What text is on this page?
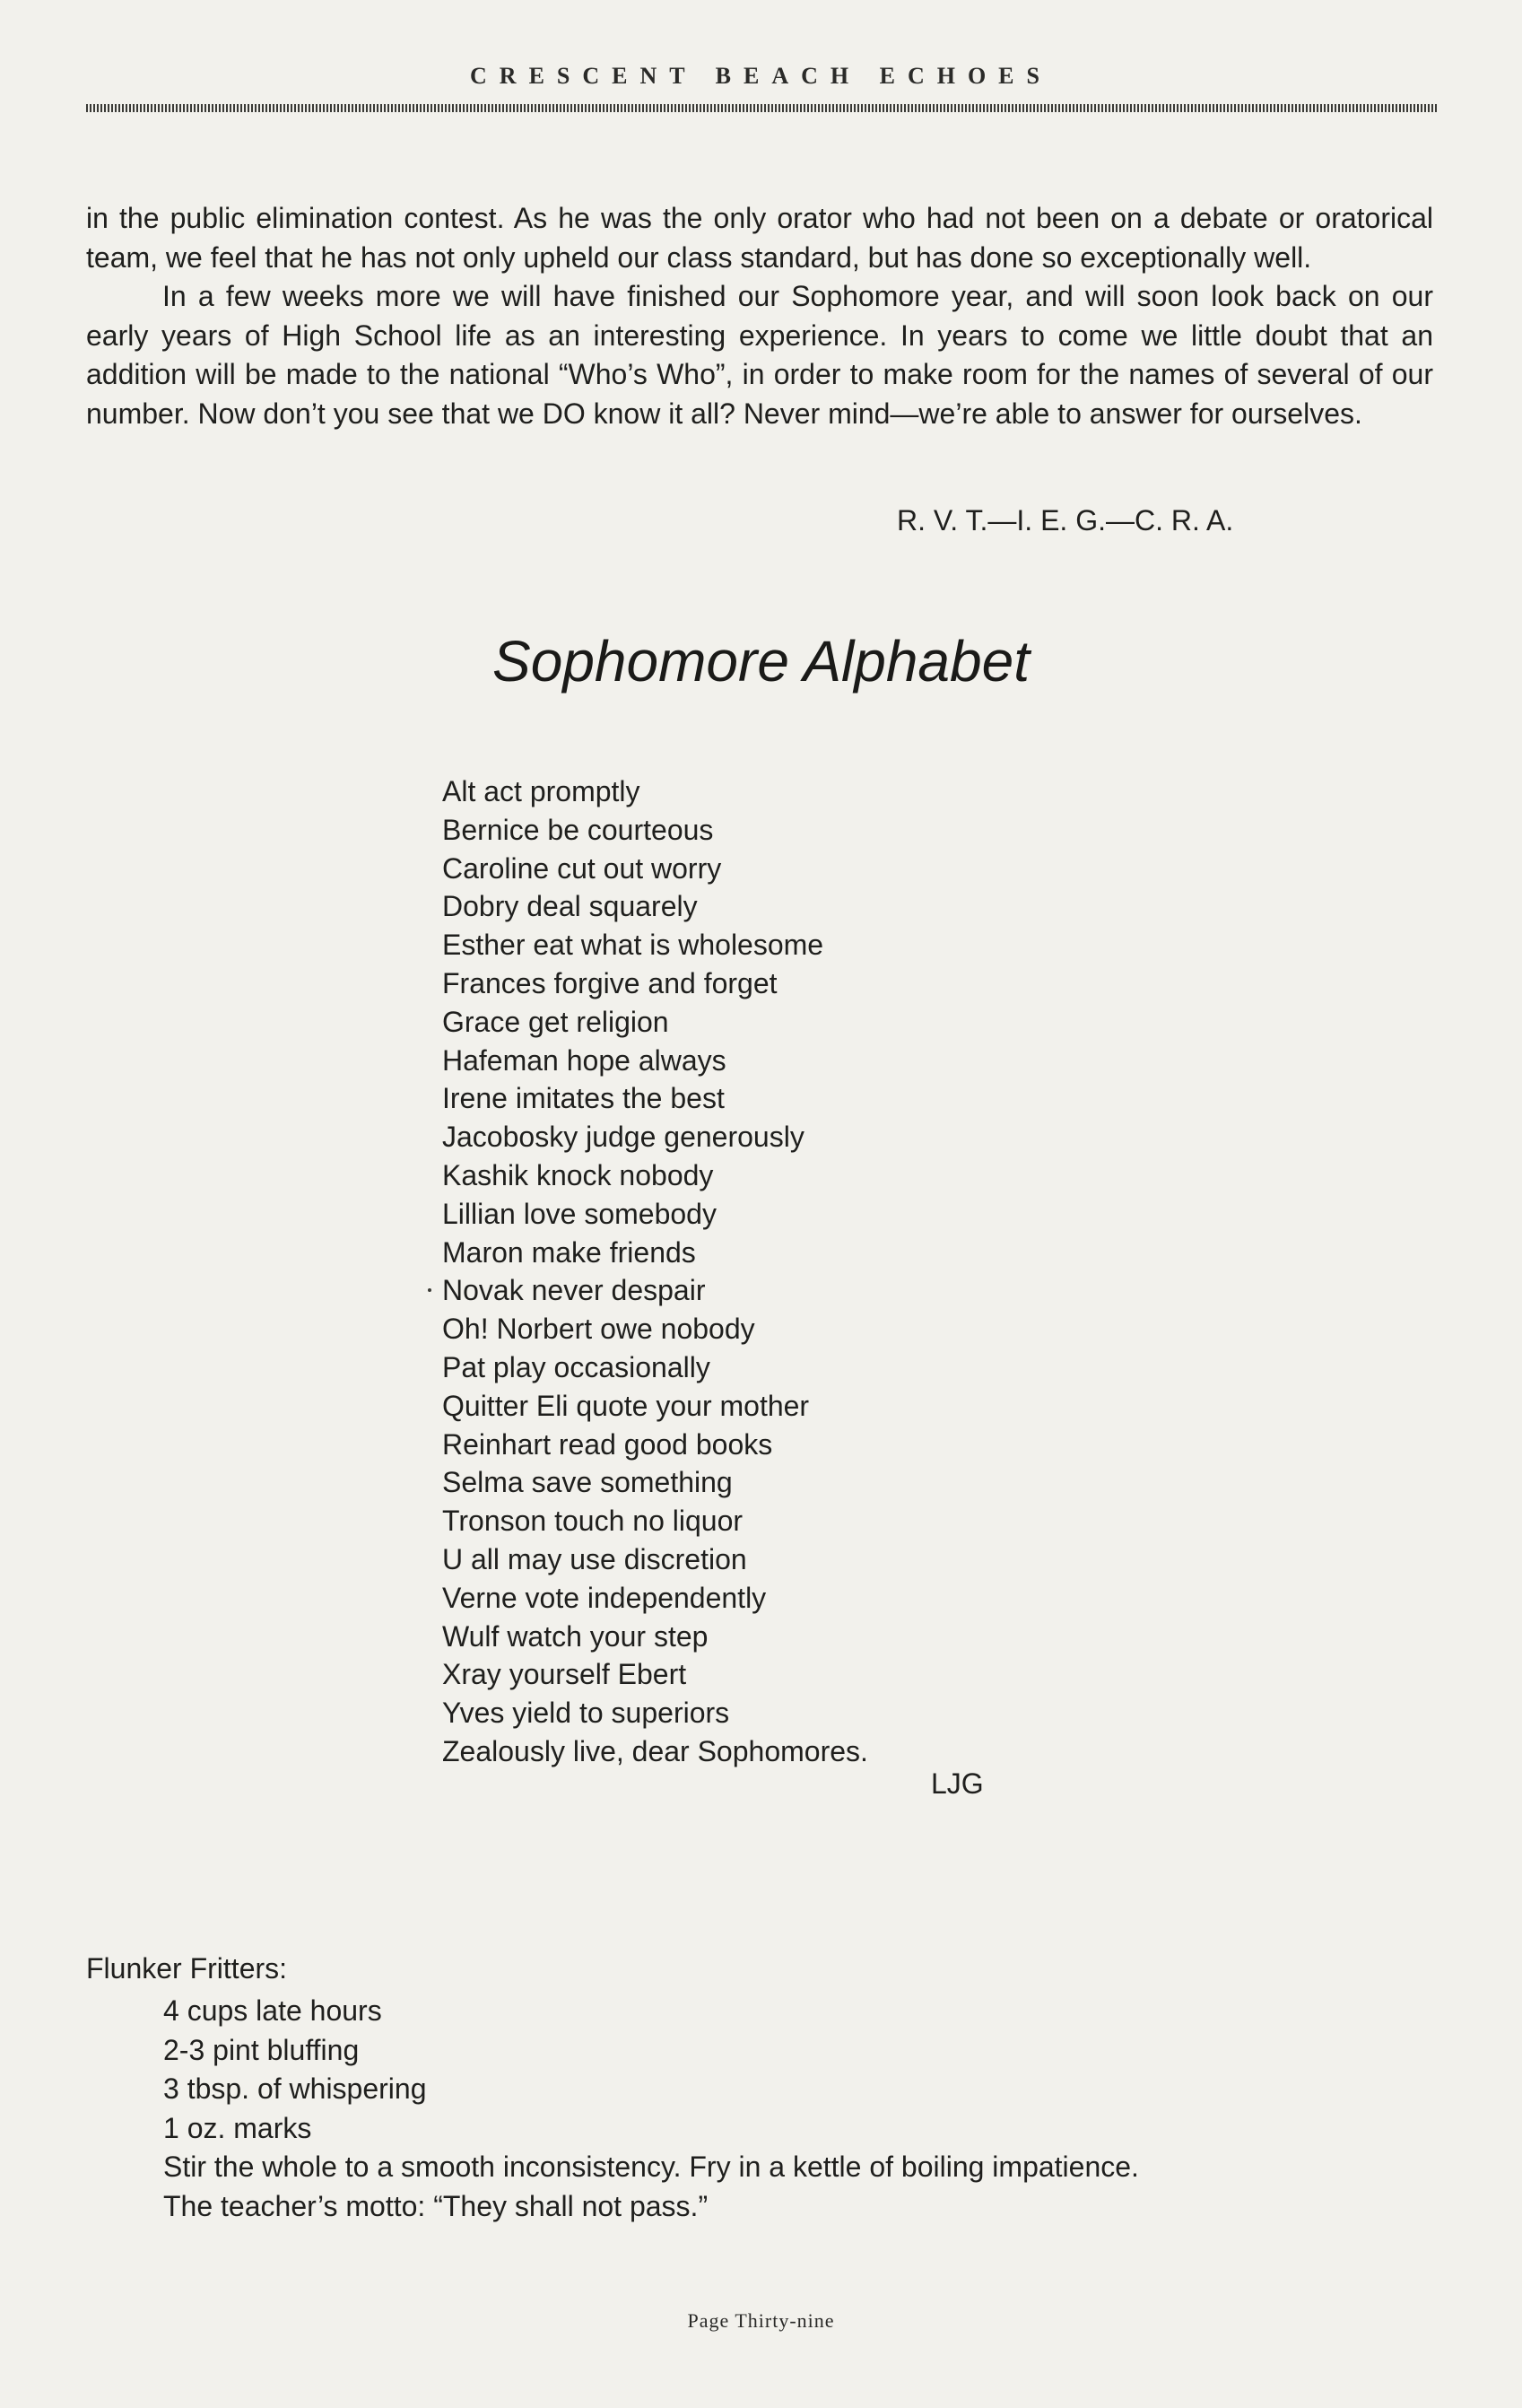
CRESCENT BEACH ECHOES

in the public elimination contest. As he was the only orator who had not been on a debate or oratorical team, we feel that he has not only upheld our class standard, but has done so exceptionally well.

In a few weeks more we will have finished our Sophomore year, and will soon look back on our early years of High School life as an interesting experience. In years to come we little doubt that an addition will be made to the national “Who’s Who”, in order to make room for the names of several of our number. Now don’t you see that we DO know it all? Never mind—we’re able to answer for ourselves.

R. V. T.—I. E. G.—C. R. A.
Sophomore Alphabet
Alt act promptly
Bernice be courteous
Caroline cut out worry
Dobry deal squarely
Esther eat what is wholesome
Frances forgive and forget
Grace get religion
Hafeman hope always
Irene imitates the best
Jacobosky judge generously
Kashik knock nobody
Lillian love somebody
Maron make friends
Novak never despair
Oh! Norbert owe nobody
Pat play occasionally
Quitter Eli quote your mother
Reinhart read good books
Selma save something
Tronson touch no liquor
U all may use discretion
Verne vote independently
Wulf watch your step
Xray yourself Ebert
Yves yield to superiors
Zealously live, dear Sophomores.
LJG
Flunker Fritters:
4 cups late hours
2-3 pint bluffing
3 tbsp. of whispering
1 oz. marks
Stir the whole to a smooth inconsistency. Fry in a kettle of boiling impatience.
The teacher’s motto: “They shall not pass.”
Page Thirty-nine
